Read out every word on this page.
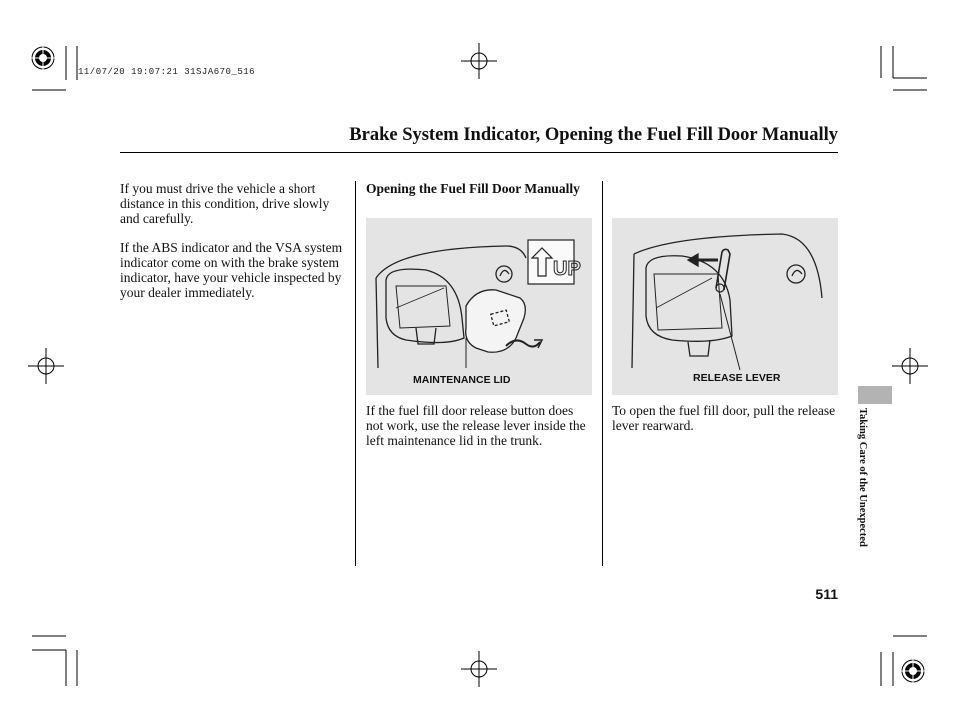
11/07/20 19:07:21 31SJA670_516
Brake System Indicator, Opening the Fuel Fill Door Manually

If you must drive the vehicle a short distance in this condition, drive slowly and carefully.

If the ABS indicator and the VSA system indicator come on with the brake system indicator, have your vehicle inspected by your dealer immediately.

Opening the Fuel Fill Door Manually
UP
MAINTENANCE LID
If the fuel fill door release button does not work, use the release lever inside the left maintenance lid in the trunk.
RELEASE LEVER
To open the fuel fill door, pull the release lever rearward.	Taking Care of the Unexpected
511
